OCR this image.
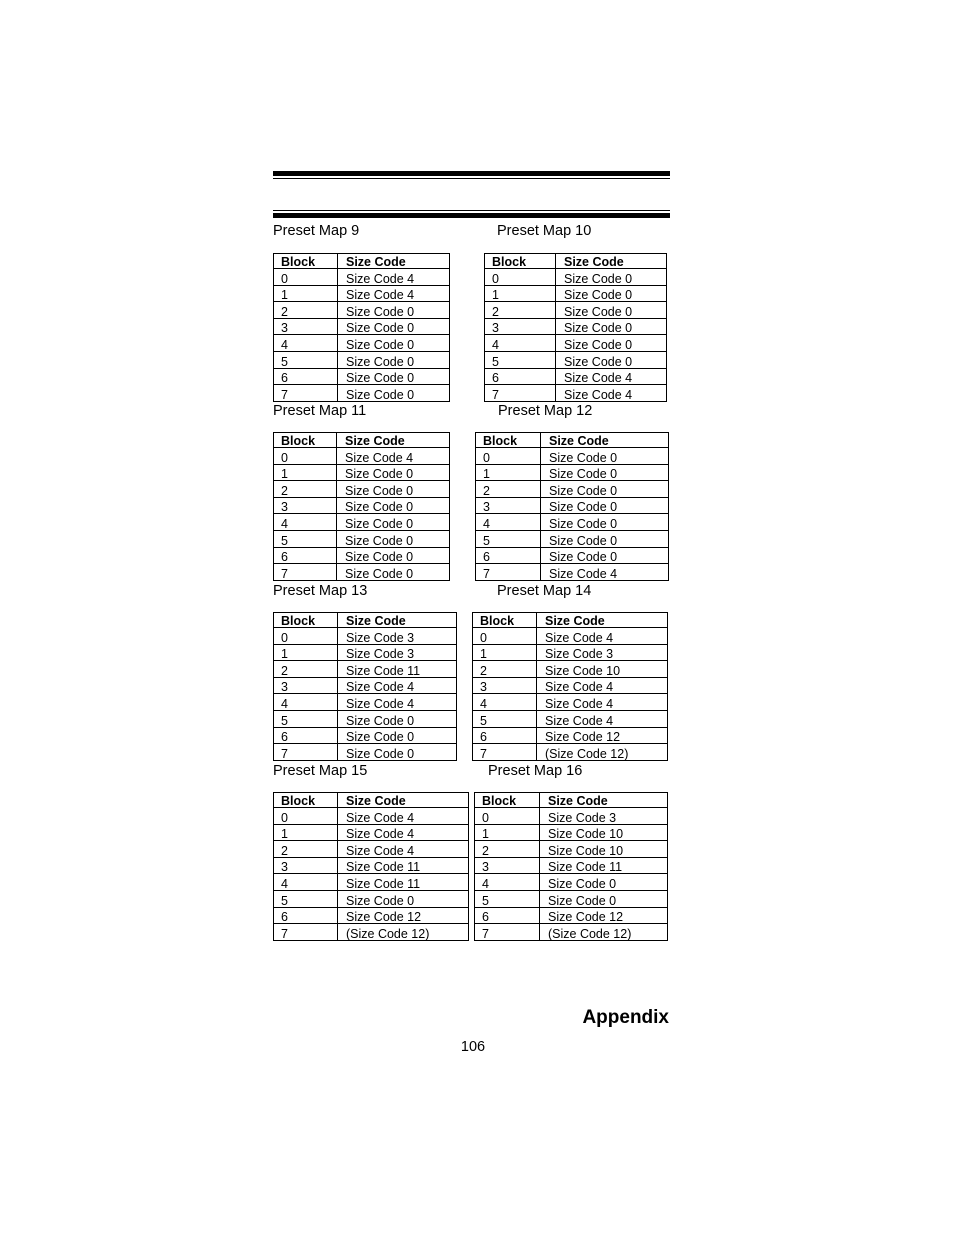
Preset Map 9
Block	Size Code
0	Size Code 4
1	Size Code 4
2	Size Code 0
3	Size Code 0
4	Size Code 0
5	Size Code 0
6	Size Code 0
7	Size Code 0
Preset Map 10
Block	Size Code
0	Size Code 0
1	Size Code 0
2	Size Code 0
3	Size Code 0
4	Size Code 0
5	Size Code 0
6	Size Code 4
7	Size Code 4
Preset Map 11
Block	Size Code
0	Size Code 4
1	Size Code 0
2	Size Code 0
3	Size Code 0
4	Size Code 0
5	Size Code 0
6	Size Code 0
7	Size Code 0
Preset Map 12
Block	Size Code
0	Size Code 0
1	Size Code 0
2	Size Code 0
3	Size Code 0
4	Size Code 0
5	Size Code 0
6	Size Code 0
7	Size Code 4
Preset Map 13
Block	Size Code
0	Size Code 3
1	Size Code 3
2	Size Code 11
3	Size Code 4
4	Size Code 4
5	Size Code 0
6	Size Code 0
7	Size Code 0
Preset Map 14
Block	Size Code
0	Size Code 4
1	Size Code 3
2	Size Code 10
3	Size Code 4
4	Size Code 4
5	Size Code 4
6	Size Code 12
7	(Size Code 12)
Preset Map 15
Block	Size Code
0	Size Code 4
1	Size Code 4
2	Size Code 4
3	Size Code 11
4	Size Code 11
5	Size Code 0
6	Size Code 12
7	(Size Code 12)
Preset Map 16
Block	Size Code
0	Size Code 3
1	Size Code 10
2	Size Code 10
3	Size Code 11
4	Size Code 0
5	Size Code 0
6	Size Code 12
7	(Size Code 12)
Appendix
106
